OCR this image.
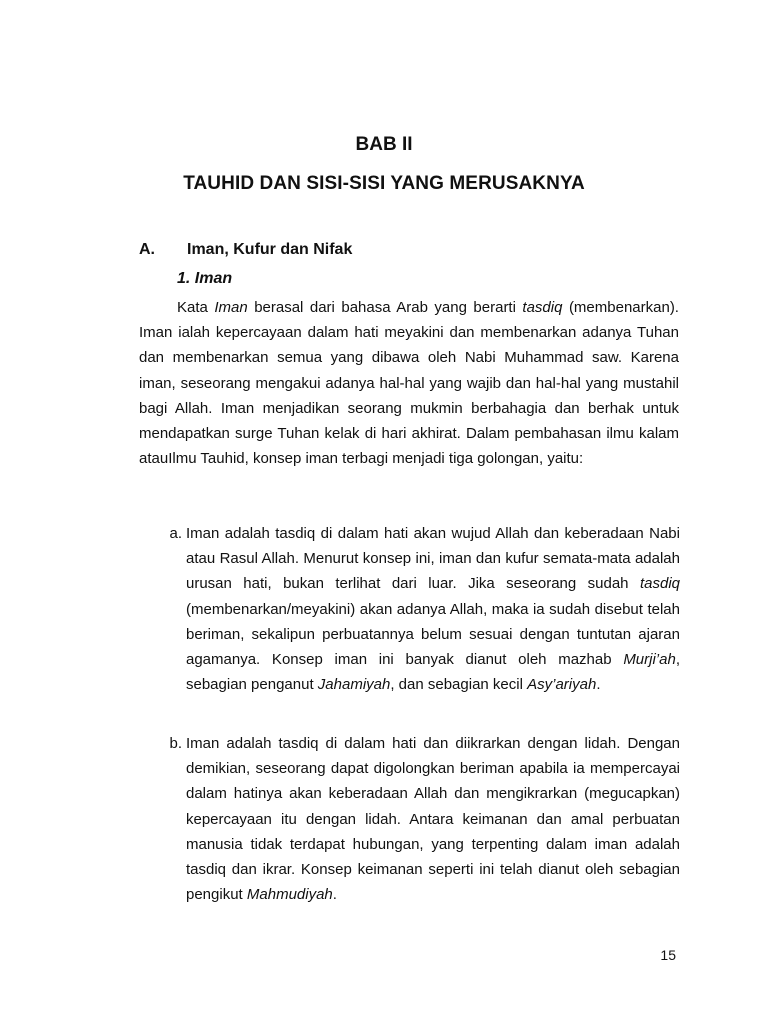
BAB II
TAUHID DAN SISI-SISI YANG MERUSAKNYA
A. Iman, Kufur dan Nifak
1. Iman

Kata Iman berasal dari bahasa Arab yang berarti tasdiq (membenarkan). Iman ialah kepercayaan dalam hati meyakini dan membenarkan adanya Tuhan dan membenarkan semua yang dibawa oleh Nabi Muhammad saw. Karena iman, seseorang mengakui adanya hal-hal yang wajib dan hal-hal yang mustahil bagi Allah. Iman menjadikan seorang mukmin berbahagia dan berhak untuk mendapatkan surge Tuhan kelak di hari akhirat. Dalam pembahasan ilmu kalam atauIlmu Tauhid, konsep iman terbagi menjadi tiga golongan, yaitu:

a. Iman adalah tasdiq di dalam hati akan wujud Allah dan keberadaan Nabi atau Rasul Allah. Menurut konsep ini, iman dan kufur semata-mata adalah urusan hati, bukan terlihat dari luar. Jika seseorang sudah tasdiq (membenarkan/meyakini) akan adanya Allah, maka ia sudah disebut telah beriman, sekalipun perbuatannya belum sesuai dengan tuntutan ajaran agamanya. Konsep iman ini banyak dianut oleh mazhab Murji’ah, sebagian penganut Jahamiyah, dan sebagian kecil Asy’ariyah.
b. Iman adalah tasdiq di dalam hati dan diikrarkan dengan lidah. Dengan demikian, seseorang dapat digolongkan beriman apabila ia mempercayai dalam hatinya akan keberadaan Allah dan mengikrarkan (megucapkan) kepercayaan itu dengan lidah. Antara keimanan dan amal perbuatan manusia tidak terdapat hubungan, yang terpenting dalam iman adalah tasdiq dan ikrar. Konsep keimanan seperti ini telah dianut oleh sebagian pengikut Mahmudiyah.
15
